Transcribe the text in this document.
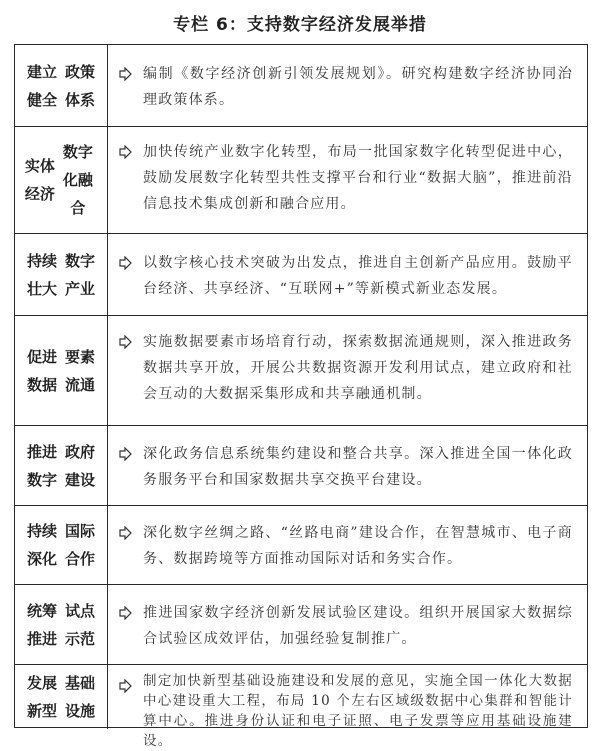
专栏 6：支持数字经济发展举措
建立健全
政策体系
编制《数字经济创新引领发展规划》。研究构建数字经济协同治理政策体系。
实体经济
数字化融合
加快传统产业数字化转型，布局一批国家数字化转型促进中心，鼓励发展数字化转型共性支撑平台和行业“数据大脑”，推进前沿信息技术集成创新和融合应用。
持续壮大
数字产业
以数字核心技术突破为出发点，推进自主创新产品应用。鼓励平台经济、共享经济、“互联网+”等新模式新业态发展。
促进数据
要素流通
实施数据要素市场培育行动，探索数据流通规则，深入推进政务数据共享开放，开展公共数据资源开发利用试点，建立政府和社会互动的大数据采集形成和共享融通机制。
推进数字
政府建设
深化政务信息系统集约建设和整合共享。深入推进全国一体化政务服务平台和国家数据共享交换平台建设。
持续深化
国际合作
深化数字丝绸之路、“丝路电商”建设合作，在智慧城市、电子商务、数据跨境等方面推动国际对话和务实合作。
统筹推进
试点示范
推进国家数字经济创新发展试验区建设。组织开展国家大数据综合试验区成效评估，加强经验复制推广。
发展新型
基础设施
制定加快新型基础设施建设和发展的意见，实施全国一体化大数据中心建设重大工程，布局 10 个左右区域级数据中心集群和智能计算中心。推进身份认证和电子证照、电子发票等应用基础设施建设。
